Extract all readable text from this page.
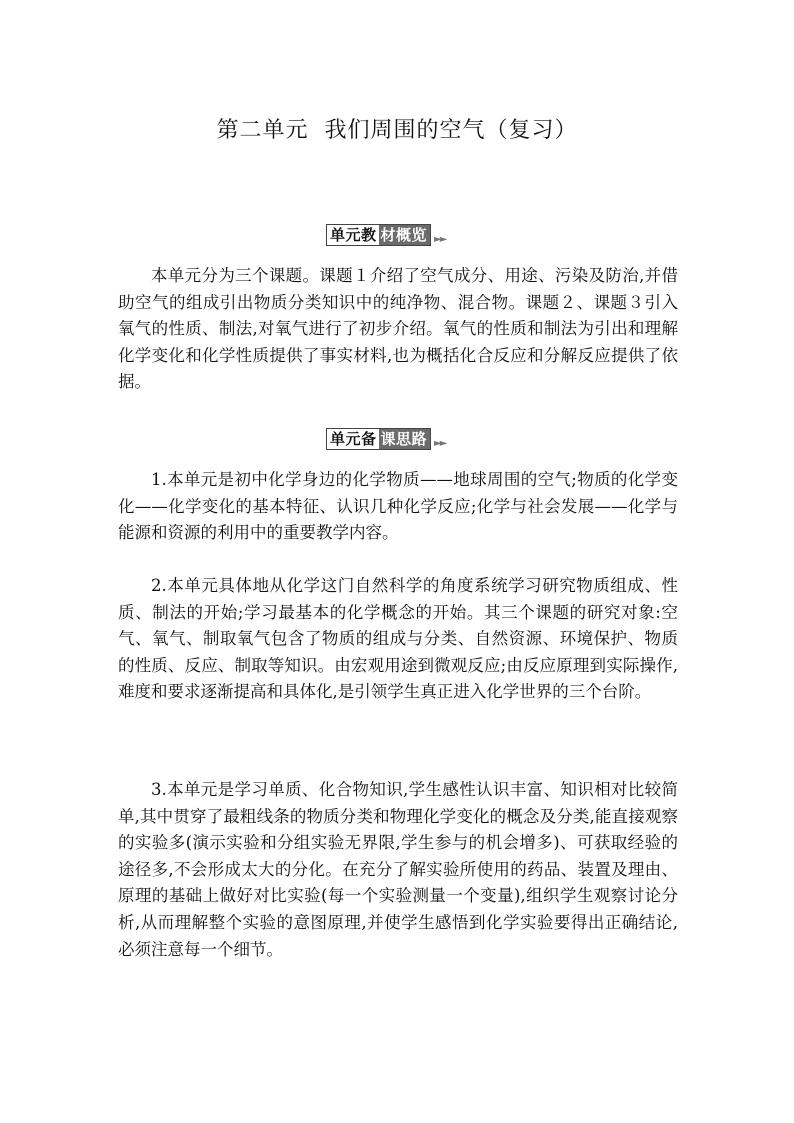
第二单元  我们周围的空气（复习）
单元教 材概览 ►►

本单元分为三个课题。课题１介绍了空气成分、用途、污染及防治,并借助空气的组成引出物质分类知识中的纯净物、混合物。课题２、课题３引入氧气的性质、制法,对氧气进行了初步介绍。氧气的性质和制法为引出和理解化学变化和化学性质提供了事实材料,也为概括化合反应和分解反应提供了依据。

单元备 课思路 ►►

1.本单元是初中化学身边的化学物质——地球周围的空气;物质的化学变化——化学变化的基本特征、认识几种化学反应;化学与社会发展——化学与能源和资源的利用中的重要教学内容。

2.本单元具体地从化学这门自然科学的角度系统学习研究物质组成、性质、制法的开始;学习最基本的化学概念的开始。其三个课题的研究对象:空气、氧气、制取氧气包含了物质的组成与分类、自然资源、环境保护、物质的性质、反应、制取等知识。由宏观用途到微观反应;由反应原理到实际操作,难度和要求逐渐提高和具体化,是引领学生真正进入化学世界的三个台阶。

3.本单元是学习单质、化合物知识,学生感性认识丰富、知识相对比较简单,其中贯穿了最粗线条的物质分类和物理化学变化的概念及分类,能直接观察的实验多(演示实验和分组实验无界限,学生参与的机会增多)、可获取经验的途径多,不会形成太大的分化。在充分了解实验所使用的药品、装置及理由、原理的基础上做好对比实验(每一个实验测量一个变量),组织学生观察讨论分析,从而理解整个实验的意图原理,并使学生感悟到化学实验要得出正确结论,必须注意每一个细节。
